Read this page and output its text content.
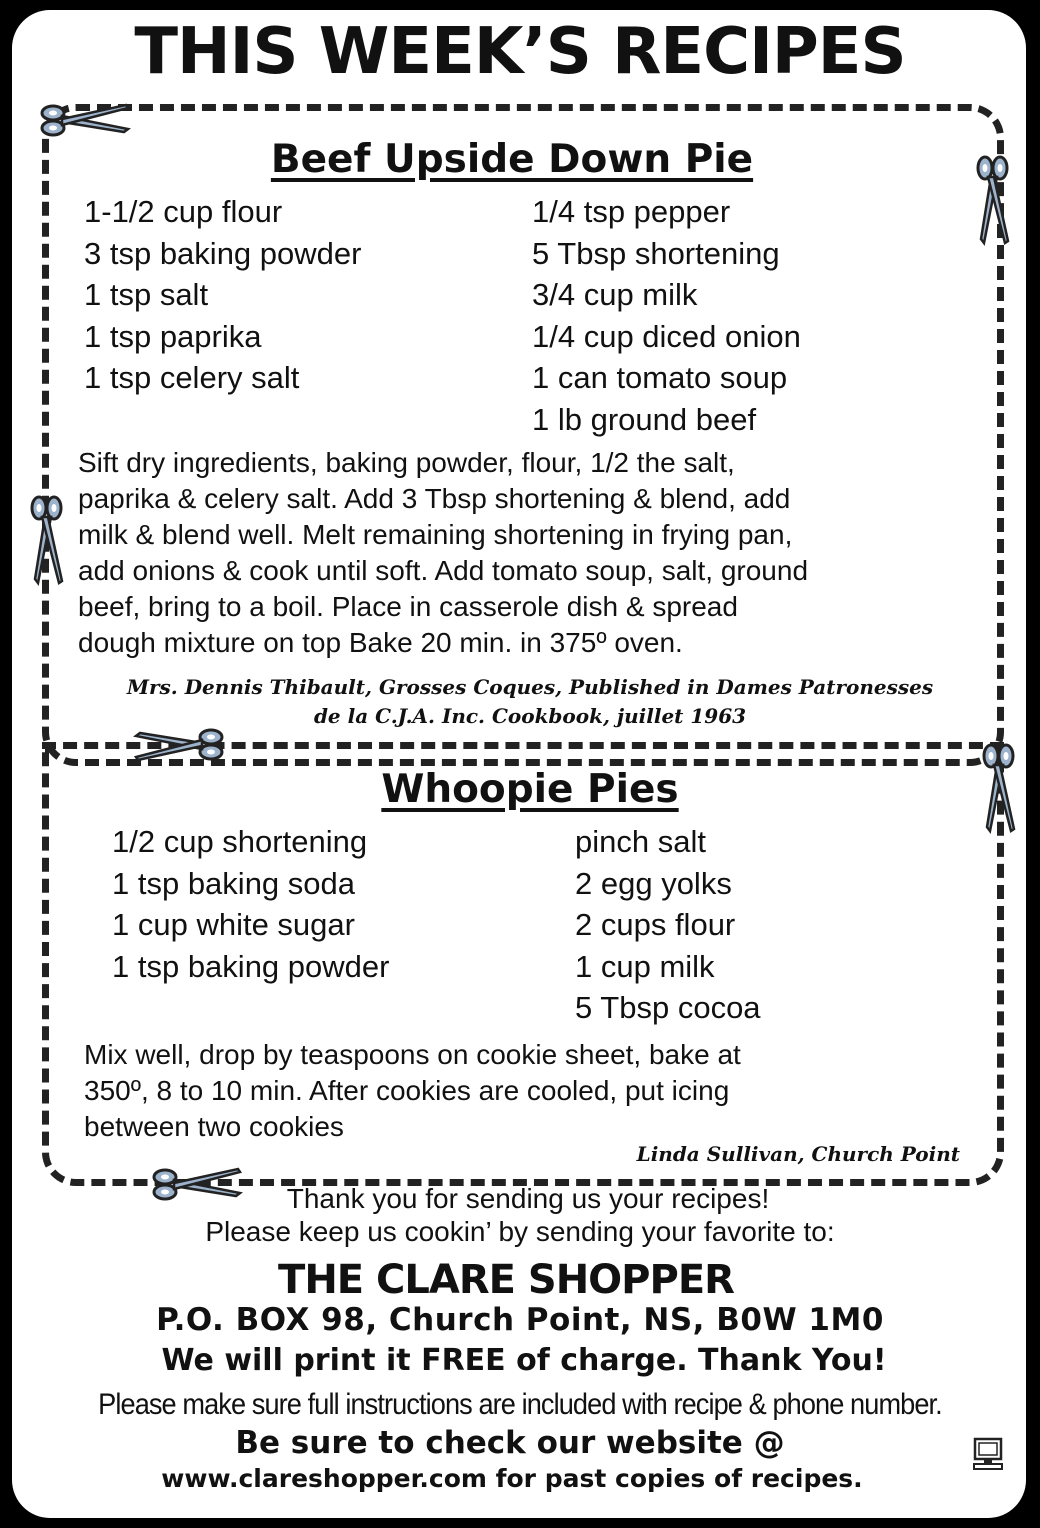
THIS WEEK’S RECIPES
Beef Upside Down Pie
1-1/2 cup flour
3 tsp baking powder
1 tsp salt
1 tsp paprika
1 tsp celery salt
1/4 tsp pepper
5 Tbsp shortening
3/4 cup milk
1/4 cup diced onion
1 can tomato soup
1 lb ground beef
Sift dry ingredients, baking powder, flour, 1/2 the salt,
paprika & celery salt. Add 3 Tbsp shortening & blend, add
milk & blend well. Melt remaining shortening in frying pan,
add onions & cook until soft. Add tomato soup, salt, ground
beef, bring to a boil. Place in casserole dish & spread
dough mixture on top Bake 20 min. in 375º oven.
Mrs. Dennis Thibault, Grosses Coques, Published in Dames Patronesses
de la C.J.A. Inc. Cookbook, juillet 1963
Whoopie Pies
1/2 cup shortening
1 tsp baking soda
1 cup white sugar
1 tsp baking powder
pinch salt
2 egg yolks
2 cups flour
1 cup milk
5 Tbsp cocoa
Mix well, drop by teaspoons on cookie sheet, bake at
350º, 8 to 10 min. After cookies are cooled, put icing
between two cookies
Linda Sullivan, Church Point
Thank you for sending us your recipes!
Please keep us cookin’ by sending your favorite to:
THE CLARE SHOPPER
P.O. BOX 98, Church Point, NS, B0W 1M0
We will print it FREE of charge. Thank You!
Please make sure full instructions are included with recipe & phone number.
Be sure to check our website @
www.clareshopper.com for past copies of recipes.
